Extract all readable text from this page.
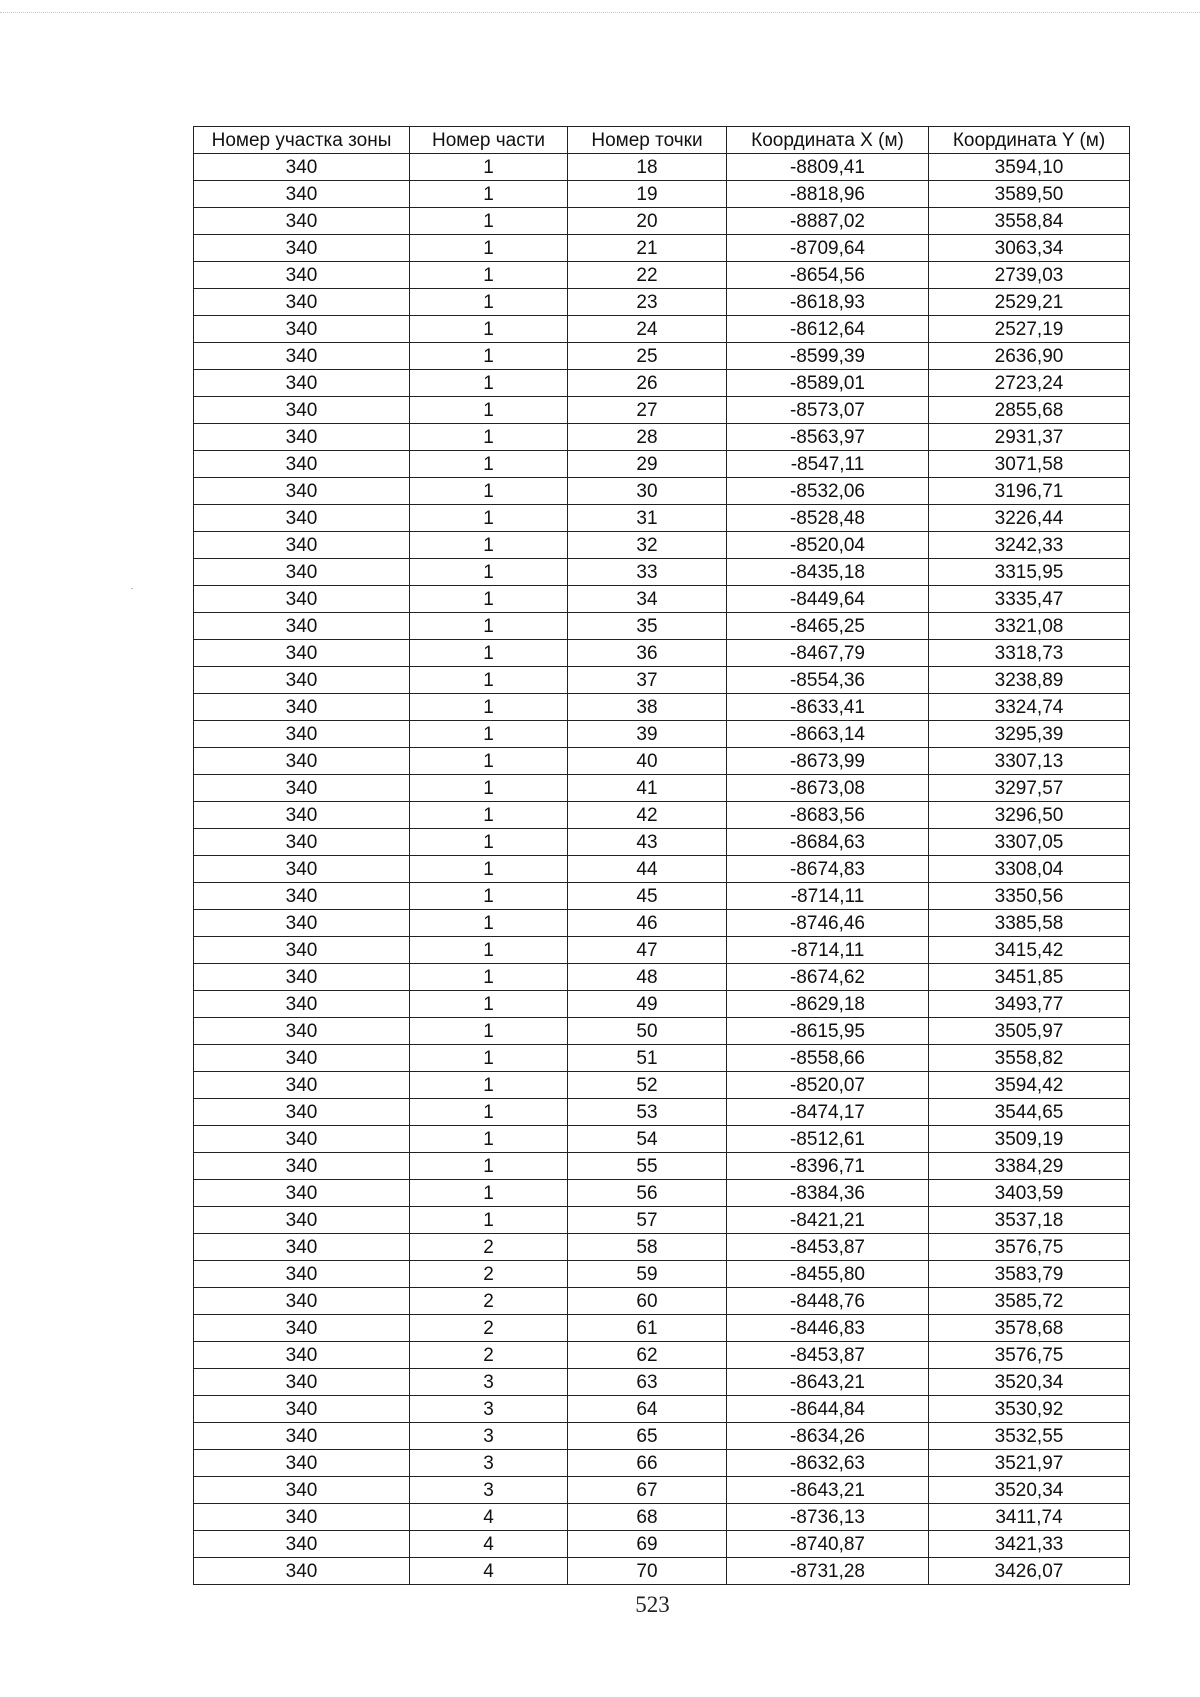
Номер участка зоны	Номер части	Номер точки	Координата X (м)	Координата Y (м)
340	1	18	-8809,41	3594,10
340	1	19	-8818,96	3589,50
340	1	20	-8887,02	3558,84
340	1	21	-8709,64	3063,34
340	1	22	-8654,56	2739,03
340	1	23	-8618,93	2529,21
340	1	24	-8612,64	2527,19
340	1	25	-8599,39	2636,90
340	1	26	-8589,01	2723,24
340	1	27	-8573,07	2855,68
340	1	28	-8563,97	2931,37
340	1	29	-8547,11	3071,58
340	1	30	-8532,06	3196,71
340	1	31	-8528,48	3226,44
340	1	32	-8520,04	3242,33
340	1	33	-8435,18	3315,95
340	1	34	-8449,64	3335,47
340	1	35	-8465,25	3321,08
340	1	36	-8467,79	3318,73
340	1	37	-8554,36	3238,89
340	1	38	-8633,41	3324,74
340	1	39	-8663,14	3295,39
340	1	40	-8673,99	3307,13
340	1	41	-8673,08	3297,57
340	1	42	-8683,56	3296,50
340	1	43	-8684,63	3307,05
340	1	44	-8674,83	3308,04
340	1	45	-8714,11	3350,56
340	1	46	-8746,46	3385,58
340	1	47	-8714,11	3415,42
340	1	48	-8674,62	3451,85
340	1	49	-8629,18	3493,77
340	1	50	-8615,95	3505,97
340	1	51	-8558,66	3558,82
340	1	52	-8520,07	3594,42
340	1	53	-8474,17	3544,65
340	1	54	-8512,61	3509,19
340	1	55	-8396,71	3384,29
340	1	56	-8384,36	3403,59
340	1	57	-8421,21	3537,18
340	2	58	-8453,87	3576,75
340	2	59	-8455,80	3583,79
340	2	60	-8448,76	3585,72
340	2	61	-8446,83	3578,68
340	2	62	-8453,87	3576,75
340	3	63	-8643,21	3520,34
340	3	64	-8644,84	3530,92
340	3	65	-8634,26	3532,55
340	3	66	-8632,63	3521,97
340	3	67	-8643,21	3520,34
340	4	68	-8736,13	3411,74
340	4	69	-8740,87	3421,33
340	4	70	-8731,28	3426,07
523
